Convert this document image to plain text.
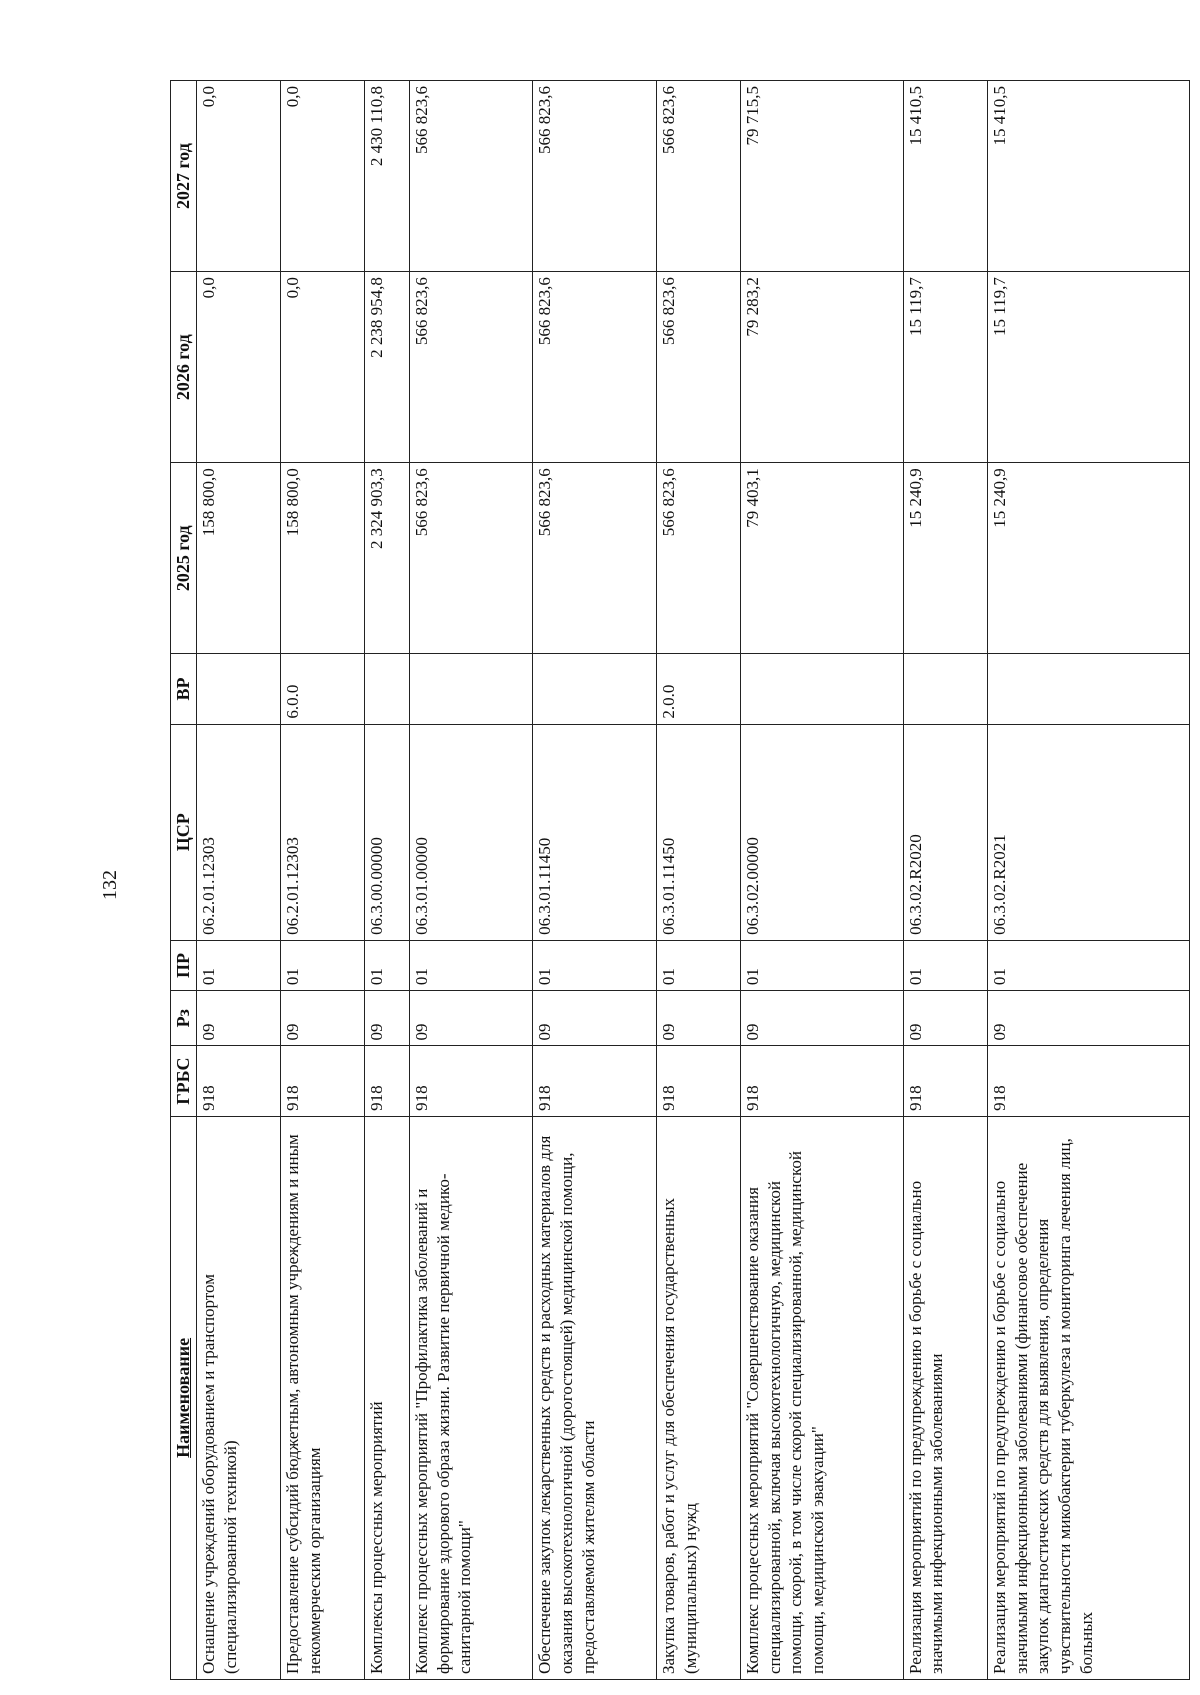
132
Наименование	ГРБС	Рз	ПР	ЦСР	ВР	2025 год	2026 год	2027 год
Оснащение учреждений оборудованием и транспортом (специализированной техникой)	918	09	01	06.2.01.12303		158 800,0	0,0	0,0
Предоставление субсидий бюджетным, автономным учреждениям и иным некоммерческим организациям	918	09	01	06.2.01.12303	6.0.0	158 800,0	0,0	0,0
Комплексы процессных мероприятий	918	09	01	06.3.00.00000		2 324 903,3	2 238 954,8	2 430 110,8
Комплекс процессных мероприятий "Профилактика заболеваний и формирование здорового образа жизни. Развитие первичной медико-санитарной помощи"	918	09	01	06.3.01.00000		566 823,6	566 823,6	566 823,6
Обеспечение закупок лекарственных средств и расходных материалов для оказания высокотехнологичной (дорогостоящей) медицинской помощи, предоставляемой жителям области	918	09	01	06.3.01.11450		566 823,6	566 823,6	566 823,6
Закупка товаров, работ и услуг для обеспечения государственных (муниципальных) нужд	918	09	01	06.3.01.11450	2.0.0	566 823,6	566 823,6	566 823,6
Комплекс процессных мероприятий "Совершенствование оказания специализированной, включая высокотехнологичную, медицинской помощи, скорой, в том числе скорой специализированной, медицинской помощи, медицинской эвакуации"	918	09	01	06.3.02.00000		79 403,1	79 283,2	79 715,5
Реализация мероприятий по предупреждению и борьбе с социально значимыми инфекционными заболеваниями	918	09	01	06.3.02.R2020		15 240,9	15 119,7	15 410,5
Реализация мероприятий по предупреждению и борьбе с социально значимыми инфекционными заболеваниями (финансовое обеспечение закупок диагностических средств для выявления, определения чувствительности микобактерии туберкулеза и мониторинга лечения лиц, больных	918	09	01	06.3.02.R2021		15 240,9	15 119,7	15 410,5
